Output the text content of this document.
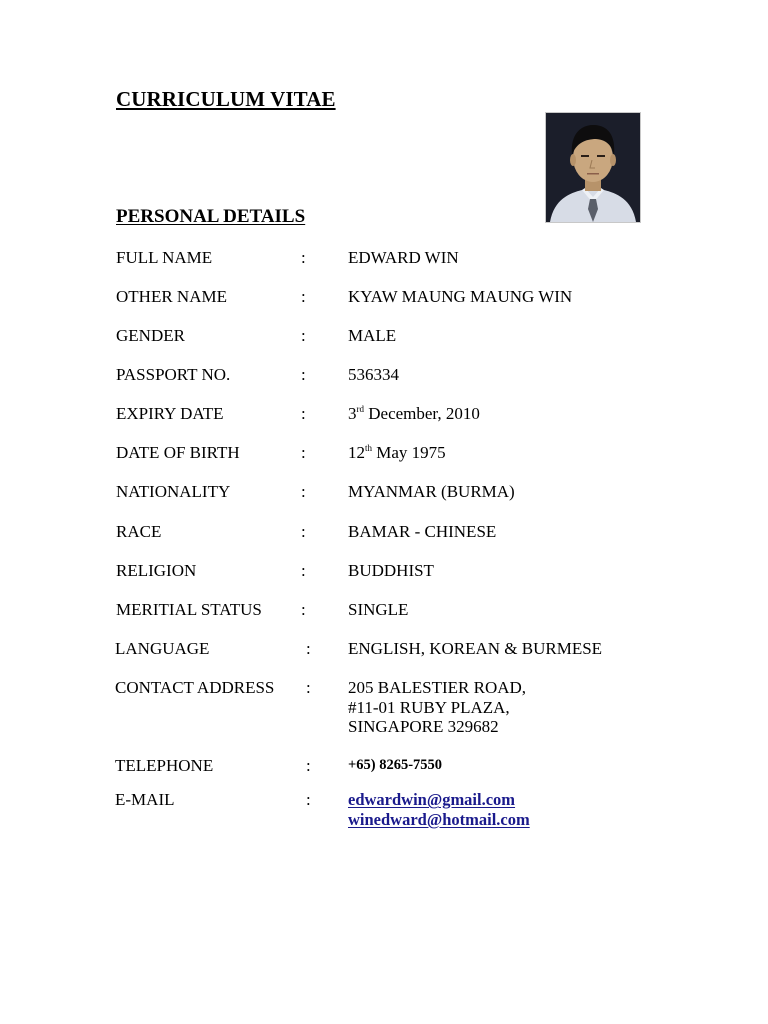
CURRICULUM VITAE
PERSONAL DETAILS
FULL NAME	: EDWARD WIN
OTHER NAME	: KYAW MAUNG MAUNG WIN
GENDER	: MALE
PASSPORT NO.	: 536334
EXPIRY DATE	: 3rd December, 2010
DATE OF BIRTH	: 12th May 1975
NATIONALITY	: MYANMAR (BURMA)
RACE	: BAMAR - CHINESE
RELIGION	: BUDDHIST
MERITIAL STATUS : SINGLE
LANGUAGE	: ENGLISH, KOREAN & BURMESE
CONTACT ADDRESS : 205 BALESTIER ROAD,
#11-01 RUBY PLAZA,
SINGAPORE 329682
TELEPHONE	:	+65) 8265-7550
E-MAIL	: edwardwin@gmail.com
winedward@hotmail.com
